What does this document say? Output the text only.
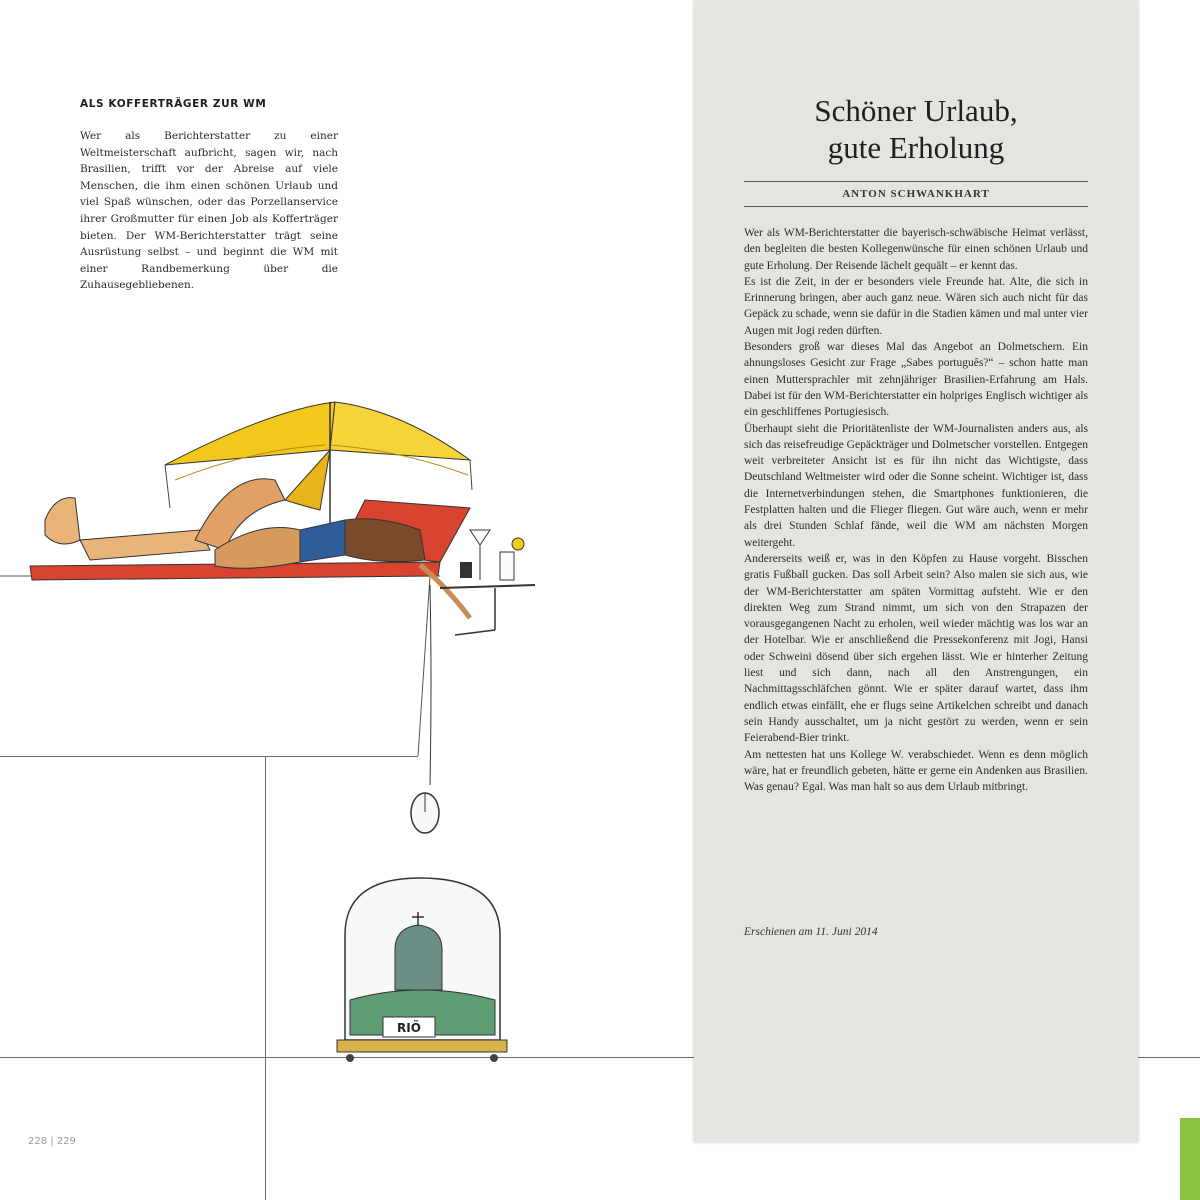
ALS KOFFERTRÄGER ZUR WM
Wer als Berichterstatter zu einer Weltmeisterschaft aufbricht, sagen wir, nach Brasilien, trifft vor der Abreise auf viele Menschen, die ihm einen schönen Urlaub und viel Spaß wünschen, oder das Porzellanservice ihrer Großmutter für einen Job als Kofferträger bieten. Der WM-Berichterstatter trägt seine Ausrüstung selbst – und beginnt die WM mit einer Randbemerkung über die Zuhausegebliebenen.
RIÖ
228 | 229
Schöner Urlaub,
gute Erholung
ANTON SCHWANKHART

Wer als WM-Berichterstatter die bayerisch-schwäbische Heimat verlässt, den begleiten die besten Kollegenwünsche für einen schönen Urlaub und gute Erholung. Der Reisende lächelt gequält – er kennt das.

Es ist die Zeit, in der er besonders viele Freunde hat. Alte, die sich in Erinnerung bringen, aber auch ganz neue. Wären sich auch nicht für das Gepäck zu schade, wenn sie dafür in die Stadien kämen und mal unter vier Augen mit Jogi reden dürften.

Besonders groß war dieses Mal das Angebot an Dolmetschern. Ein ahnungsloses Gesicht zur Frage „Sabes português?“ – schon hatte man einen Muttersprachler mit zehnjähriger Brasilien-Erfahrung am Hals. Dabei ist für den WM-Berichterstatter ein holpriges Englisch wichtiger als ein geschliffenes Portugiesisch.

Überhaupt sieht die Prioritätenliste der WM-Journalisten anders aus, als sich das reisefreudige Gepäckträger und Dolmetscher vorstellen. Entgegen weit verbreiteter Ansicht ist es für ihn nicht das Wichtigste, dass Deutschland Weltmeister wird oder die Sonne scheint. Wichtiger ist, dass die Internetverbindungen stehen, die Smartphones funktionieren, die Festplatten halten und die Flieger fliegen. Gut wäre auch, wenn er mehr als drei Stunden Schlaf fände, weil die WM am nächsten Morgen weitergeht.

Andererseits weiß er, was in den Köpfen zu Hause vorgeht. Bisschen gratis Fußball gucken. Das soll Arbeit sein? Also malen sie sich aus, wie der WM-Berichterstatter am späten Vormittag aufsteht. Wie er den direkten Weg zum Strand nimmt, um sich von den Strapazen der vorausgegangenen Nacht zu erholen, weil wieder mächtig was los war an der Hotelbar. Wie er anschließend die Pressekonferenz mit Jogi, Hansi oder Schweini dösend über sich ergehen lässt. Wie er hinterher Zeitung liest und sich dann, nach all den Anstrengungen, ein Nachmittagsschläfchen gönnt. Wie er später darauf wartet, dass ihm endlich etwas einfällt, ehe er flugs seine Artikelchen schreibt und danach sein Handy ausschaltet, um ja nicht gestört zu werden, wenn er sein Feierabend-Bier trinkt.

Am nettesten hat uns Kollege W. verabschiedet. Wenn es denn möglich wäre, hat er freundlich gebeten, hätte er gerne ein Andenken aus Brasilien. Was genau? Egal. Was man halt so aus dem Urlaub mitbringt.

Erschienen am 11. Juni 2014
